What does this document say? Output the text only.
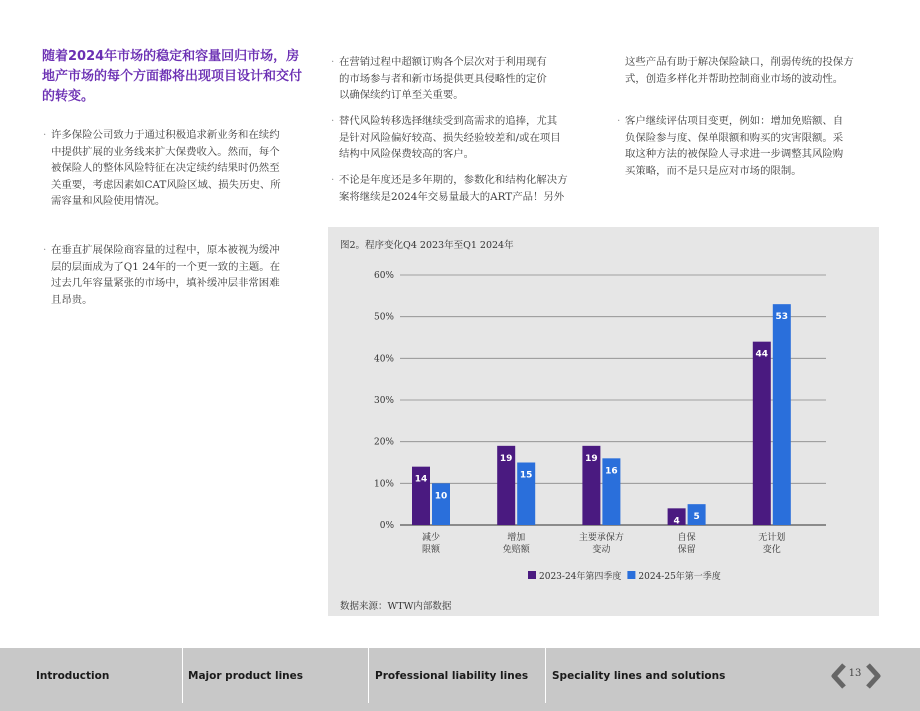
随着2024年市场的稳定和容量回归市场，房地产市场的每个方面都将出现项目设计和交付的转变。
· 许多保险公司致力于通过积极追求新业务和在续约
中提供扩展的业务线来扩大保费收入。然而，每个
被保险人的整体风险特征在决定续约结果时仍然至
关重要，考虑因素如CAT风险区域、损失历史、所
需容量和风险使用情况。
· 在垂直扩展保险商容量的过程中，原本被视为缓冲
层的层面成为了Q1 24年的一个更一致的主题。在
过去几年容量紧张的市场中，填补缓冲层非常困难
且昂贵。
· 在营销过程中超额订购各个层次对于利用现有
的市场参与者和新市场提供更具侵略性的定价
以确保续约订单至关重要。
· 替代风险转移选择继续受到高需求的追捧，尤其
是针对风险偏好较高、损失经验较差和/或在项目
结构中风险保费较高的客户。
· 不论是年度还是多年期的，参数化和结构化解决方
案将继续是2024年交易量最大的ART产品！另外
这些产品有助于解决保险缺口，削弱传统的投保方
式，创造多样化并帮助控制商业市场的波动性。
· 客户继续评估项目变更，例如：增加免赔额、自
负保险参与度、保单限额和购买的灾害限额。采
取这种方法的被保险人寻求进一步调整其风险购
买策略，而不是只是应对市场的限制。
图2。程序变化Q4 2023年至Q1 2024年
0%
10%
20%
30%
40%
50%
60%
14
10
减少
限额
19
15
增加
免赔额
19
16
主要承保方
变动
4 5
自保
保留
44
53
无计划
变化
2023-24年第四季度 2024-25年第一季度
数据来源：WTW内部数据
Introduction	Major product lines	Professional liability lines Speciality lines and solutions	13
